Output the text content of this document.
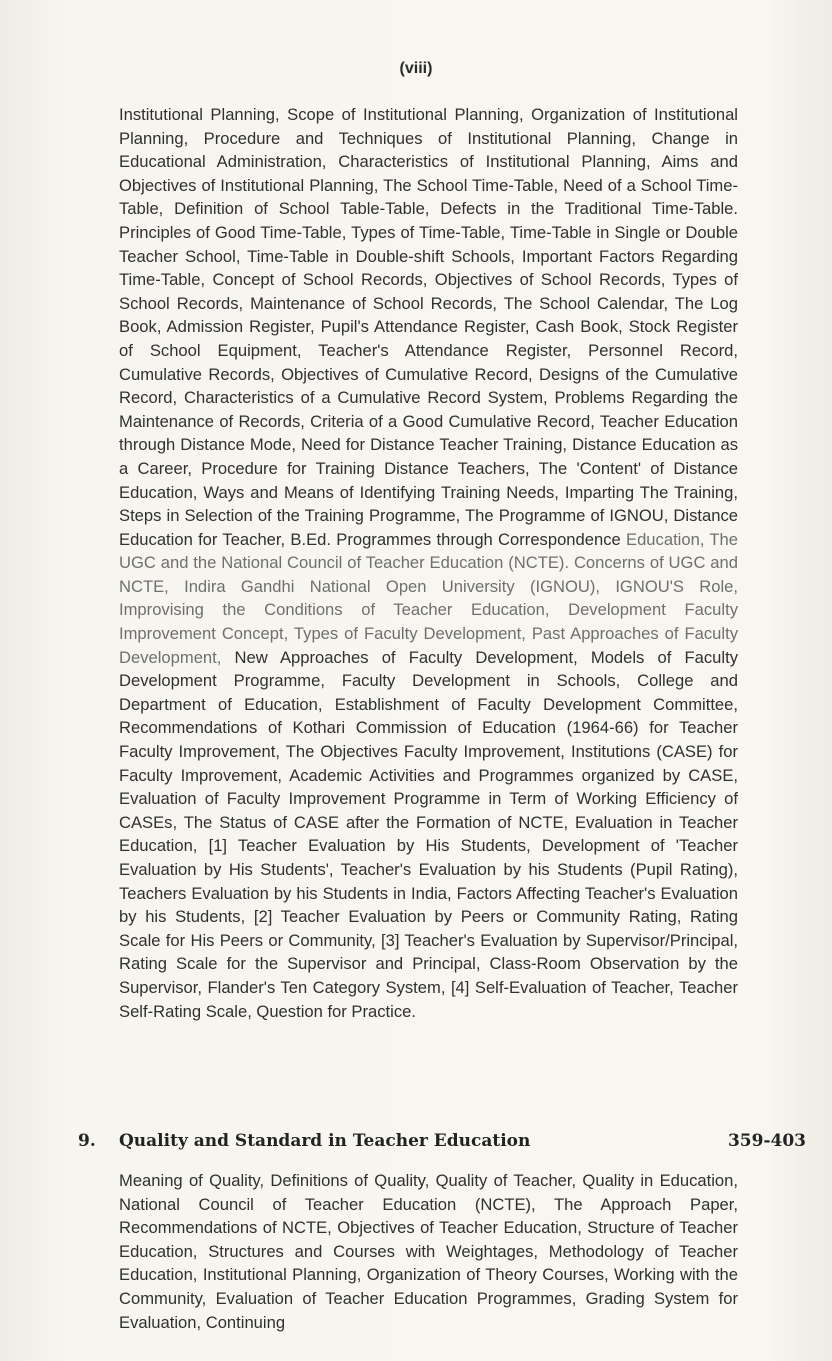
(viii)

Institutional Planning, Scope of Institutional Planning, Organization of Institutional Planning, Procedure and Techniques of Institutional Planning, Change in Educational Administration, Characteristics of Institutional Planning, Aims and Objectives of Institutional Planning, The School Time-Table, Need of a School Time-Table, Definition of School Table-Table, Defects in the Traditional Time-Table. Principles of Good Time-Table, Types of Time-Table, Time-Table in Single or Double Teacher School, Time-Table in Double-shift Schools, Important Factors Regarding Time-Table, Concept of School Records, Objectives of School Records, Types of School Records, Maintenance of School Records, The School Calendar, The Log Book, Admission Register, Pupil's Attendance Register, Cash Book, Stock Register of School Equipment, Teacher's Attendance Register, Personnel Record, Cumulative Records, Objectives of Cumulative Record, Designs of the Cumulative Record, Characteristics of a Cumulative Record System, Problems Regarding the Maintenance of Records, Criteria of a Good Cumulative Record, Teacher Education through Distance Mode, Need for Distance Teacher Training, Distance Education as a Career, Procedure for Training Distance Teachers, The 'Content' of Distance Education, Ways and Means of Identifying Training Needs, Imparting The Training, Steps in Selection of the Training Programme, The Programme of IGNOU, Distance Education for Teacher, B.Ed. Programmes through Correspondence Education, The UGC and the National Council of Teacher Education (NCTE). Concerns of UGC and NCTE, Indira Gandhi National Open University (IGNOU), IGNOU'S Role, Improvising the Conditions of Teacher Education, Development Faculty Improvement Concept, Types of Faculty Development, Past Approaches of Faculty Development, New Approaches of Faculty Development, Models of Faculty Development Programme, Faculty Development in Schools, College and Department of Education, Establishment of Faculty Development Committee, Recommendations of Kothari Commission of Education (1964-66) for Teacher Faculty Improvement, The Objectives Faculty Improvement, Institutions (CASE) for Faculty Improvement, Academic Activities and Programmes organized by CASE, Evaluation of Faculty Improvement Programme in Term of Working Efficiency of CASEs, The Status of CASE after the Formation of NCTE, Evaluation in Teacher Education, [1] Teacher Evaluation by His Students, Development of 'Teacher Evaluation by His Students', Teacher's Evaluation by his Students (Pupil Rating), Teachers Evaluation by his Students in India, Factors Affecting Teacher's Evaluation by his Students, [2] Teacher Evaluation by Peers or Community Rating, Rating Scale for His Peers or Community, [3] Teacher's Evaluation by Supervisor/Principal, Rating Scale for the Supervisor and Principal, Class-Room Observation by the Supervisor, Flander's Ten Category System, [4] Self-Evaluation of Teacher, Teacher Self-Rating Scale, Question for Practice.

9. Quality and Standard in Teacher Education	359-403

Meaning of Quality, Definitions of Quality, Quality of Teacher, Quality in Education, National Council of Teacher Education (NCTE), The Approach Paper, Recommendations of NCTE, Objectives of Teacher Education, Structure of Teacher Education, Structures and Courses with Weightages, Methodology of Teacher Education, Institutional Planning, Organization of Theory Courses, Working with the Community, Evaluation of Teacher Education Programmes, Grading System for Evaluation, Continuing
